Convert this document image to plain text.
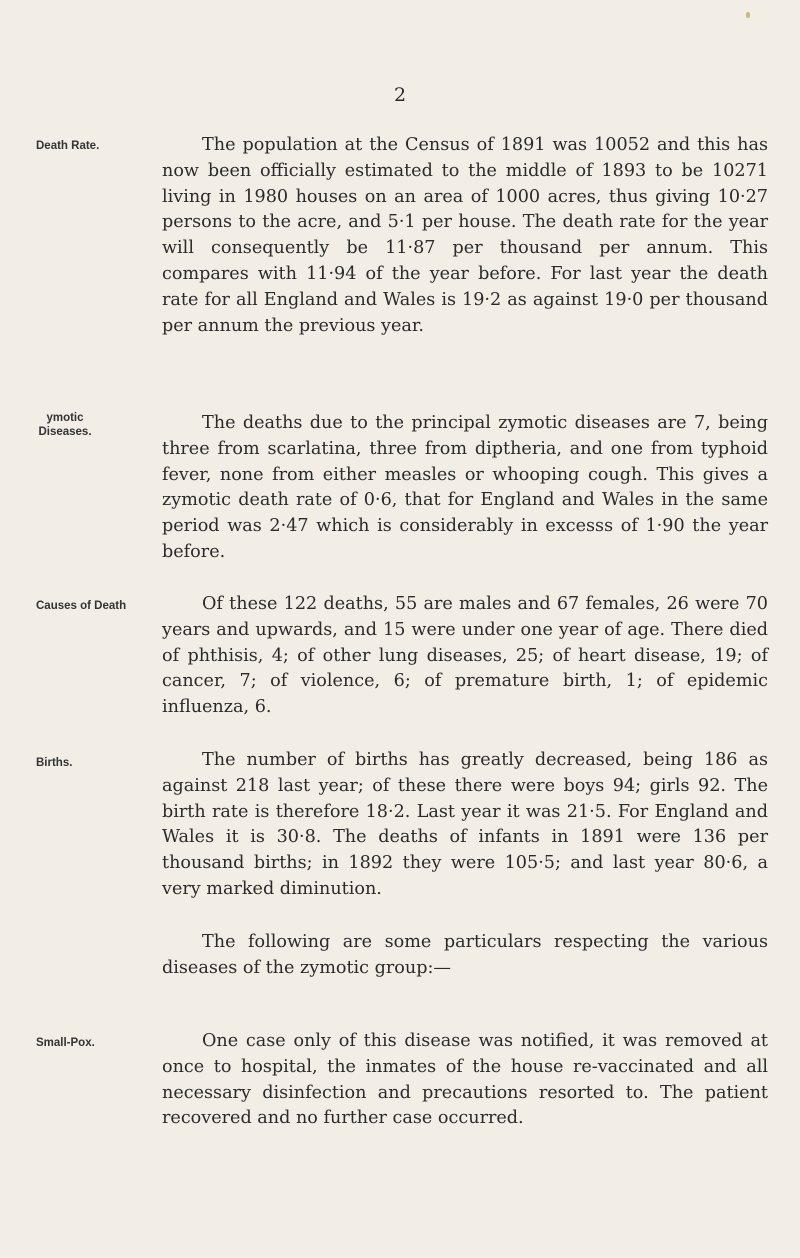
2
Death Rate.	The population at the Census of 1891 was 10052 and this has now been officially estimated to the middle of 1893 to be 10271 living in 1980 houses on an area of 1000 acres, thus giving 10·27 persons to the acre, and 5·1 per house. The death rate for the year will consequently be 11·87 per thousand per annum. This compares with 11·94 of the year before. For last year the death rate for all England and Wales is 19·2 as against 19·0 per thousand per annum the previous year.

ymotic Diseases.	The deaths due to the principal zymotic diseases are 7, being three from scarlatina, three from diptheria, and one from typhoid fever, none from either measles or whooping cough. This gives a zymotic death rate of 0·6, that for England and Wales in the same period was 2·47 which is considerably in excesss of 1·90 the year before.

Causes of Death	Of these 122 deaths, 55 are males and 67 females, 26 were 70 years and upwards, and 15 were under one year of age. There died of phthisis, 4; of other lung diseases, 25; of heart disease, 19; of cancer, 7; of violence, 6; of premature birth, 1; of epidemic influenza, 6.

Births.	The number of births has greatly decreased, being 186 as against 218 last year; of these there were boys 94; girls 92. The birth rate is therefore 18·2. Last year it was 21·5. For England and Wales it is 30·8. The deaths of infants in 1891 were 136 per thousand births; in 1892 they were 105·5; and last year 80·6, a very marked diminution.

The following are some particulars respecting the various diseases of the zymotic group:—

Small-Pox.	One case only of this disease was notified, it was removed at once to hospital, the inmates of the house re-vaccinated and all necessary disinfection and precautions resorted to. The patient recovered and no further case occurred.
